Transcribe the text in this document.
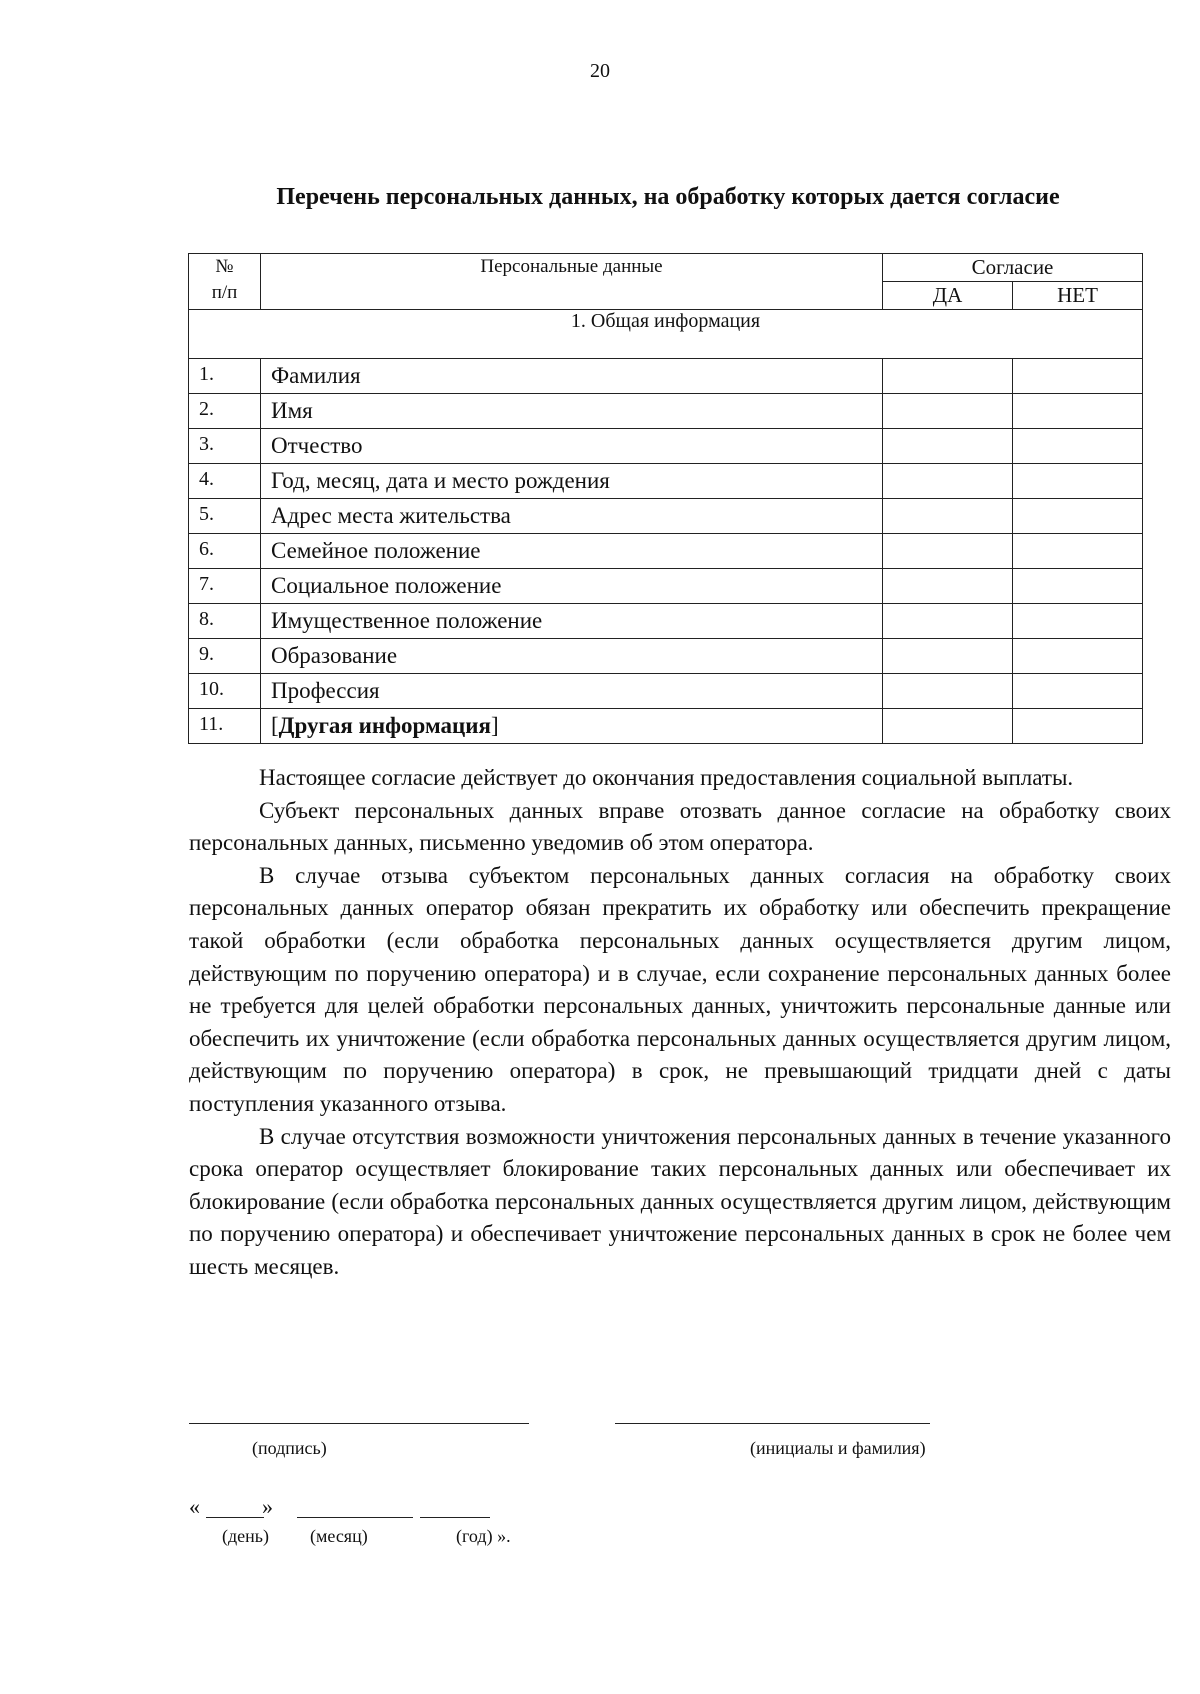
20
Перечень персональных данных, на обработку которых дается согласие
№
п/п	Персональные данные	Согласие	
		ДА	НЕТ
1. Общая информация			
1.	Фамилия		
2.	Имя		
3.	Отчество		
4.	Год, месяц, дата и место рождения		
5.	Адрес места жительства		
6.	Семейное положение		
7.	Социальное положение		
8.	Имущественное положение		
9.	Образование		
10.	Профессия		
11.	[Другая информация]		

Настоящее согласие действует до окончания предоставления социальной выплаты.

Субъект персональных данных вправе отозвать данное согласие на обработку своих персональных данных, письменно уведомив об этом оператора.

В случае отзыва субъектом персональных данных согласия на обработку своих персональных данных оператор обязан прекратить их обработку или обеспечить прекращение такой обработки (если обработка персональных данных осуществляется другим лицом, действующим по поручению оператора) и в случае, если сохранение персональных данных более не требуется для целей обработки персональных данных, уничтожить персональные данные или обеспечить их уничтожение (если обработка персональных данных осуществляется другим лицом, действующим по поручению оператора) в срок, не превышающий тридцати дней с даты поступления указанного отзыва.

В случае отсутствия возможности уничтожения персональных данных в течение указанного срока оператор осуществляет блокирование таких персональных данных или обеспечивает их блокирование (если обработка персональных данных осуществляется другим лицом, действующим по поручению оператора) и обеспечивает уничтожение персональных данных в срок не более чем шесть месяцев.

(подпись)	(инициалы и фамилия)
«	»
(день) (месяц)	(год) ».
